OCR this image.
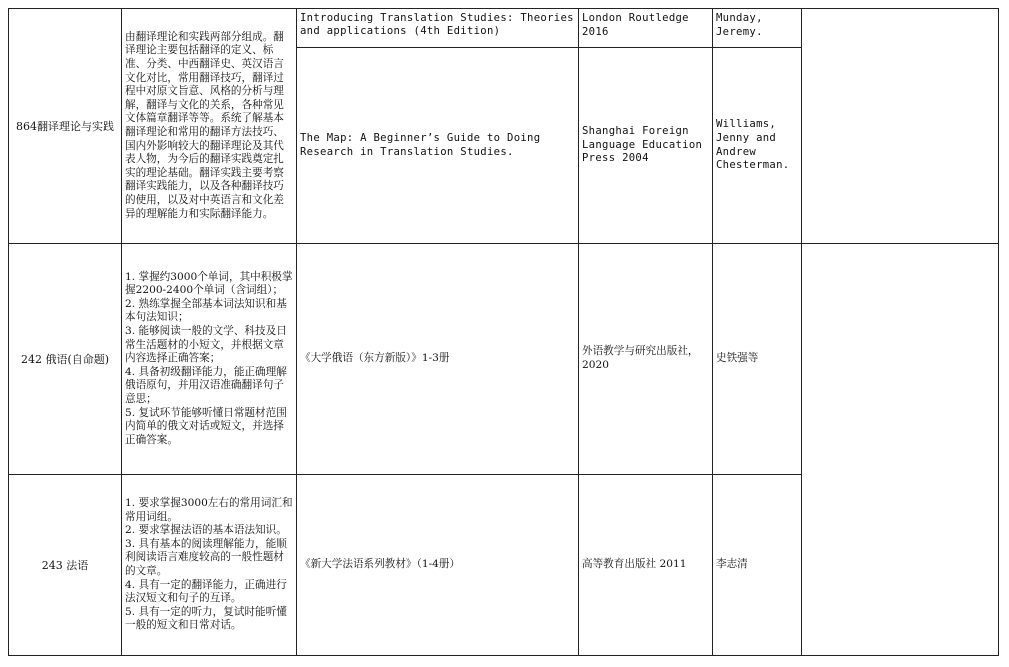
864翻译理论与实践	由翻译理论和实践两部分组成。翻译理论主要包括翻译的定义、标准、分类、中西翻译史、英汉语言文化对比，常用翻译技巧，翻译过程中对原文旨意、风格的分析与理解，翻译与文化的关系，各种常见文体篇章翻译等等。系统了解基本翻译理论和常用的翻译方法技巧、国内外影响较大的翻译理论及其代表人物，为今后的翻译实践奠定扎实的理论基础。翻译实践主要考察翻译实践能力，以及各种翻译技巧的使用，以及对中英语言和文化差异的理解能力和实际翻译能力。	Introducing Translation Studies: Theories and applications (4th Edition)	London Routledge 2016	Munday, Jeremy.	
		The Map: A Beginner’s Guide to Doing Research in Translation Studies.	Shanghai Foreign Language Education Press 2004	Williams, Jenny and Andrew Chesterman.	
242 俄语(自命题)	1. 掌握约3000个单词，其中积极掌握2200-2400个单词（含词组）；
2. 熟练掌握全部基本词法知识和基本句法知识；
3. 能够阅读一般的文学、科技及日常生活题材的小短文，并根据文章内容选择正确答案；
4. 具备初级翻译能力，能正确理解俄语原句，并用汉语准确翻译句子意思；
5. 复试环节能够听懂日常题材范围内简单的俄文对话或短文，并选择正确答案。	《大学俄语（东方新版）》1-3册	外语教学与研究出版社，2020	史铁强等	
243 法语	1. 要求掌握3000左右的常用词汇和常用词组。
2. 要求掌握法语的基本语法知识。
3. 具有基本的阅读理解能力，能顺利阅读语言难度较高的一般性题材的文章。
4. 具有一定的翻译能力，正确进行法汉短文和句子的互译。
5. 具有一定的听力，复试时能听懂一般的短文和日常对话。	《新大学法语系列教材》（1-4册）	高等教育出版社 2011	李志清	
